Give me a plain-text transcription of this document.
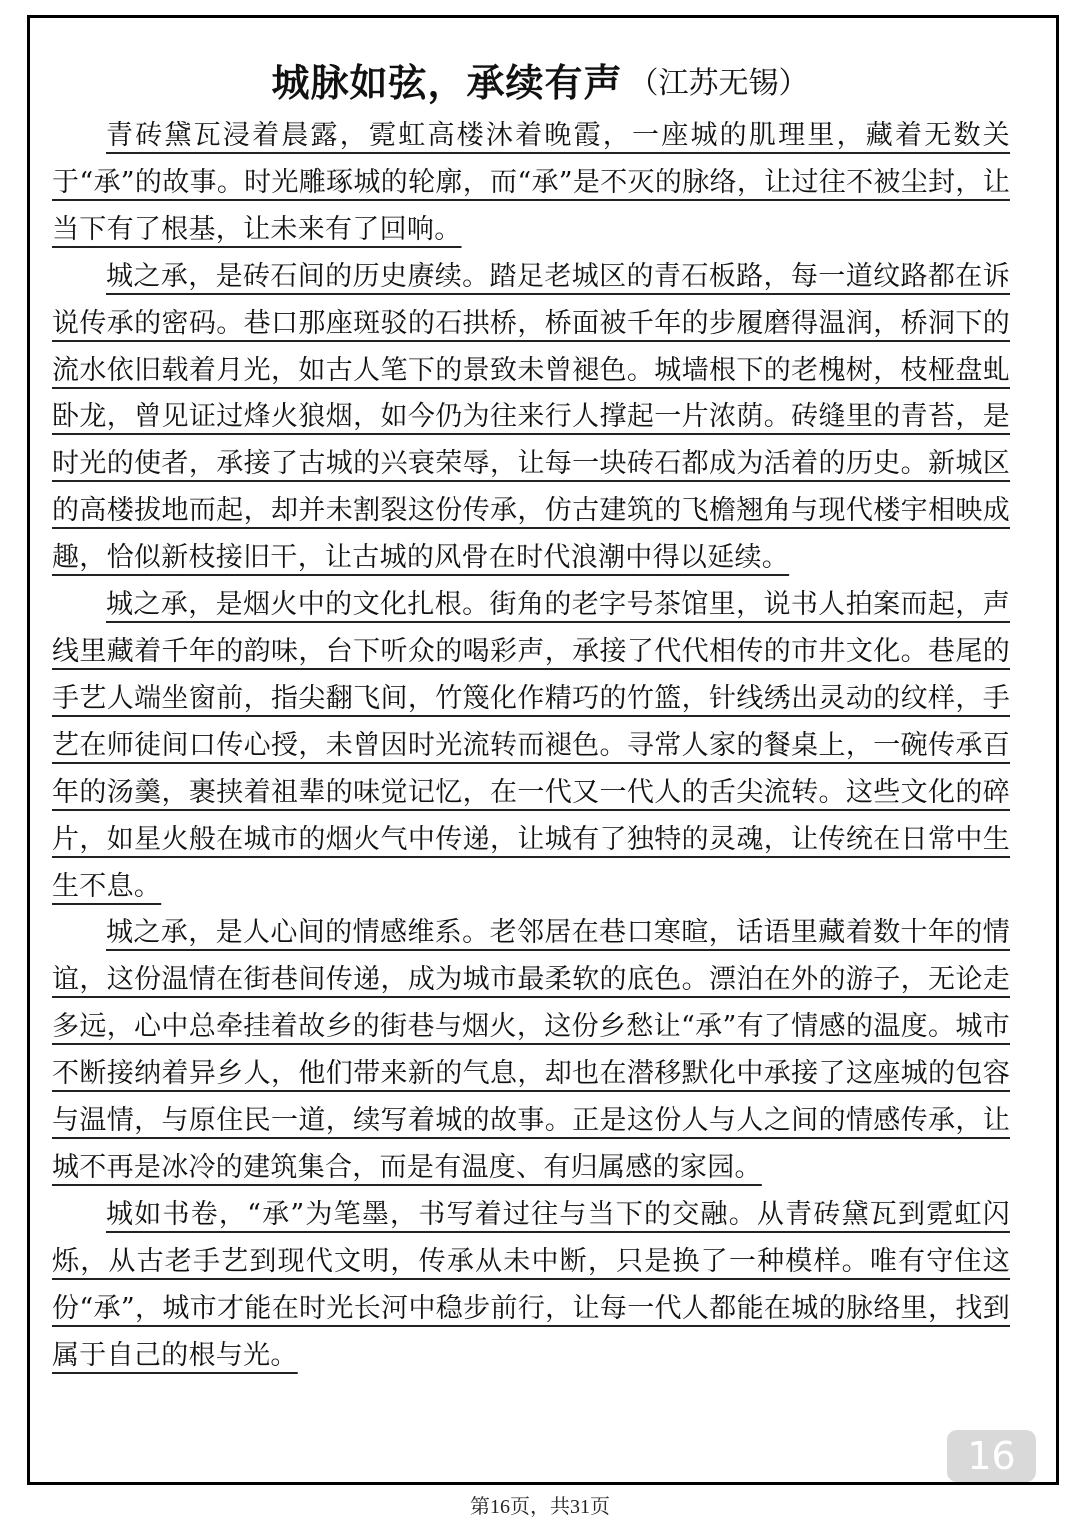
城脉如弦，承续有声 （江苏无锡）

青砖黛瓦浸着晨露，霓虹高楼沐着晚霞，一座城的肌理里，藏着无数关于“承”的故事。时光雕琢城的轮廓，而“承”是不灭的脉络，让过往不被尘封，让当下有了根基，让未来有了回响。

城之承，是砖石间的历史赓续。踏足老城区的青石板路，每一道纹路都在诉说传承的密码。巷口那座斑驳的石拱桥，桥面被千年的步履磨得温润，桥洞下的流水依旧载着月光，如古人笔下的景致未曾褪色。城墙根下的老槐树，枝桠盘虬卧龙，曾见证过烽火狼烟，如今仍为往来行人撑起一片浓荫。砖缝里的青苔，是时光的使者，承接了古城的兴衰荣辱，让每一块砖石都成为活着的历史。新城区的高楼拔地而起，却并未割裂这份传承，仿古建筑的飞檐翘角与现代楼宇相映成趣，恰似新枝接旧干，让古城的风骨在时代浪潮中得以延续。

城之承，是烟火中的文化扎根。街角的老字号茶馆里，说书人拍案而起，声线里藏着千年的韵味，台下听众的喝彩声，承接了代代相传的市井文化。巷尾的手艺人端坐窗前，指尖翻飞间，竹篾化作精巧的竹篮，针线绣出灵动的纹样，手艺在师徒间口传心授，未曾因时光流转而褪色。寻常人家的餐桌上，一碗传承百年的汤羹，裹挟着祖辈的味觉记忆，在一代又一代人的舌尖流转。这些文化的碎片，如星火般在城市的烟火气中传递，让城有了独特的灵魂，让传统在日常中生生不息。

城之承，是人心间的情感维系。老邻居在巷口寒暄，话语里藏着数十年的情谊，这份温情在街巷间传递，成为城市最柔软的底色。漂泊在外的游子，无论走多远，心中总牵挂着故乡的街巷与烟火，这份乡愁让“承”有了情感的温度。城市不断接纳着异乡人，他们带来新的气息，却也在潜移默化中承接了这座城的包容与温情，与原住民一道，续写着城的故事。正是这份人与人之间的情感传承，让城不再是冰冷的建筑集合，而是有温度、有归属感的家园。

城如书卷，“承”为笔墨，书写着过往与当下的交融。从青砖黛瓦到霓虹闪烁，从古老手艺到现代文明，传承从未中断，只是换了一种模样。唯有守住这份“承”，城市才能在时光长河中稳步前行，让每一代人都能在城的脉络里，找到属于自己的根与光。

16
第16页，共31页
